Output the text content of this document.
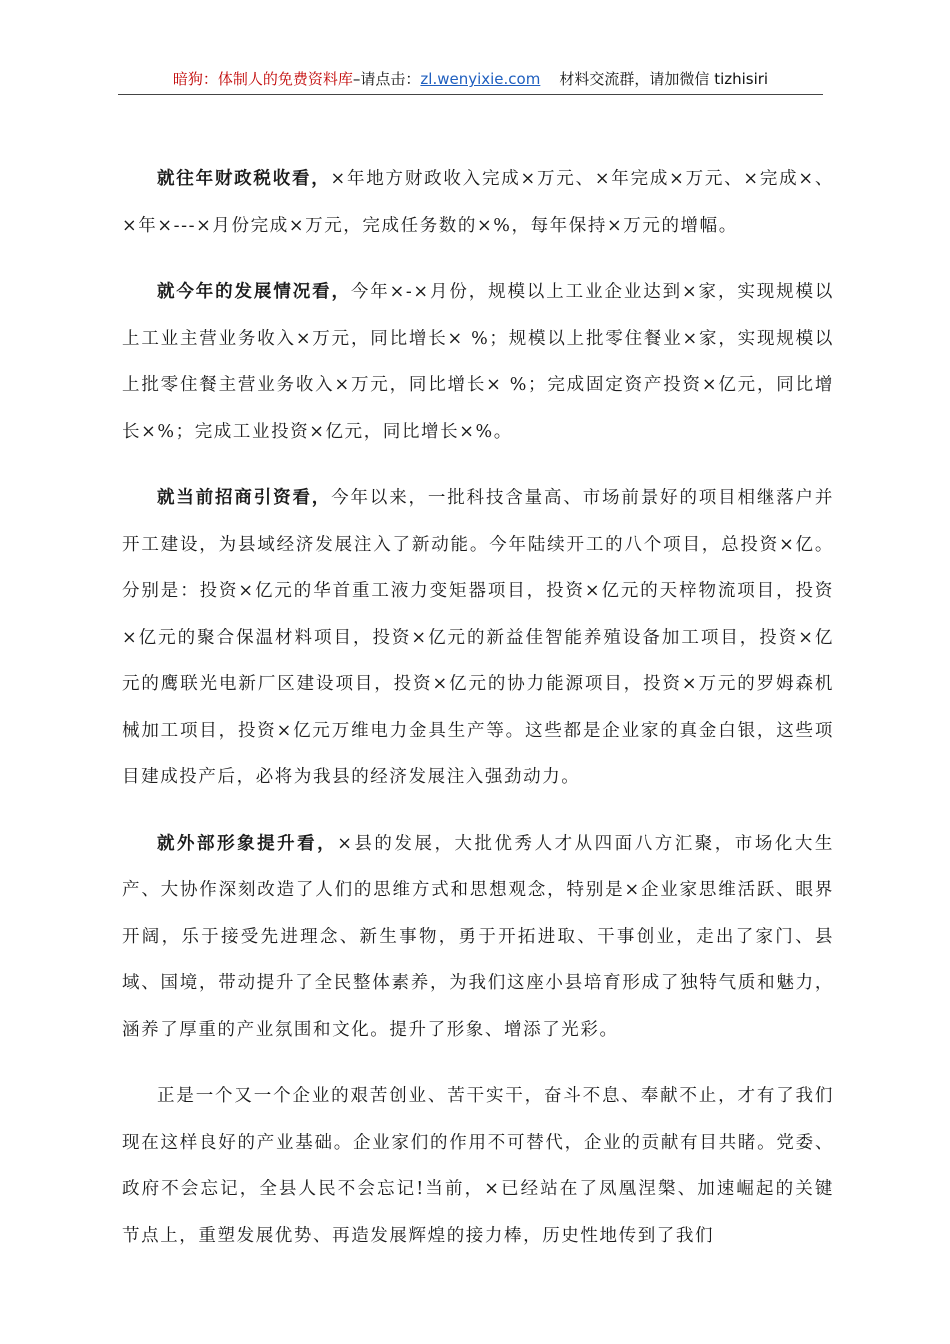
暗狗：体制人的免费资料库–请点击：zl.wenyixie.com 材料交流群，请加微信 tizhisiri

就往年财政税收看，×年地方财政收入完成×万元、×年完成×万元、×完成×、×年×---×月份完成×万元，完成任务数的×%，每年保持×万元的增幅。

就今年的发展情况看，今年×-×月份，规模以上工业企业达到×家，实现规模以上工业主营业务收入×万元，同比增长× %；规模以上批零住餐业×家，实现规模以上批零住餐主营业务收入×万元，同比增长× %；完成固定资产投资×亿元，同比增长×%；完成工业投资×亿元，同比增长×%。

就当前招商引资看，今年以来，一批科技含量高、市场前景好的项目相继落户并开工建设，为县域经济发展注入了新动能。今年陆续开工的八个项目，总投资×亿。分别是：投资×亿元的华首重工液力变矩器项目，投资×亿元的天梓物流项目，投资×亿元的聚合保温材料项目，投资×亿元的新益佳智能养殖设备加工项目，投资×亿元的鹰联光电新厂区建设项目，投资×亿元的协力能源项目，投资×万元的罗姆森机械加工项目，投资×亿元万维电力金具生产等。这些都是企业家的真金白银，这些项目建成投产后，必将为我县的经济发展注入强劲动力。

就外部形象提升看，×县的发展，大批优秀人才从四面八方汇聚，市场化大生产、大协作深刻改造了人们的思维方式和思想观念，特别是×企业家思维活跃、眼界开阔，乐于接受先进理念、新生事物，勇于开拓进取、干事创业，走出了家门、县域、国境，带动提升了全民整体素养，为我们这座小县培育形成了独特气质和魅力，涵养了厚重的产业氛围和文化。提升了形象、增添了光彩。

正是一个又一个企业的艰苦创业、苦干实干，奋斗不息、奉献不止，才有了我们现在这样良好的产业基础。企业家们的作用不可替代，企业的贡献有目共睹。党委、政府不会忘记，全县人民不会忘记!当前，×已经站在了凤凰涅槃、加速崛起的关键节点上，重塑发展优势、再造发展辉煌的接力棒，历史性地传到了我们
